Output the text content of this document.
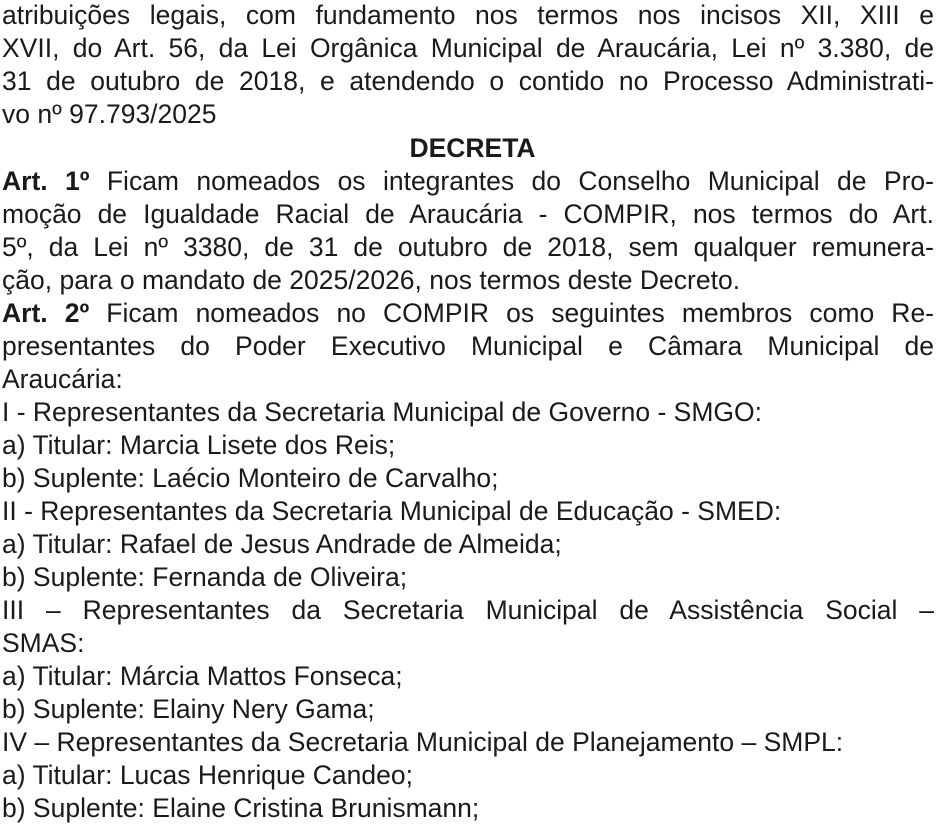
atribuições legais, com fundamento nos termos nos incisos XII, XIII e
XVII, do Art. 56, da Lei Orgânica Municipal de Araucária, Lei nº 3.380, de
31 de outubro de 2018, e atendendo o contido no Processo Administrati-
vo nº 97.793/2025
DECRETA
Art. 1º Ficam nomeados os integrantes do Conselho Municipal de Pro-
moção de Igualdade Racial de Araucária - COMPIR, nos termos do Art.
5º, da Lei nº 3380, de 31 de outubro de 2018, sem qualquer remunera-
ção, para o mandato de 2025/2026, nos termos deste Decreto.
Art. 2º Ficam nomeados no COMPIR os seguintes membros como Re-
presentantes do Poder Executivo Municipal e Câmara Municipal de
Araucária:
I - Representantes da Secretaria Municipal de Governo - SMGO:
a) Titular: Marcia Lisete dos Reis;
b) Suplente: Laécio Monteiro de Carvalho;
II - Representantes da Secretaria Municipal de Educação - SMED:
a) Titular: Rafael de Jesus Andrade de Almeida;
b) Suplente: Fernanda de Oliveira;
III – Representantes da Secretaria Municipal de Assistência Social –
SMAS:
a) Titular: Márcia Mattos Fonseca;
b) Suplente: Elainy Nery Gama;
IV – Representantes da Secretaria Municipal de Planejamento – SMPL:
a) Titular: Lucas Henrique Candeo;
b) Suplente: Elaine Cristina Brunismann;
